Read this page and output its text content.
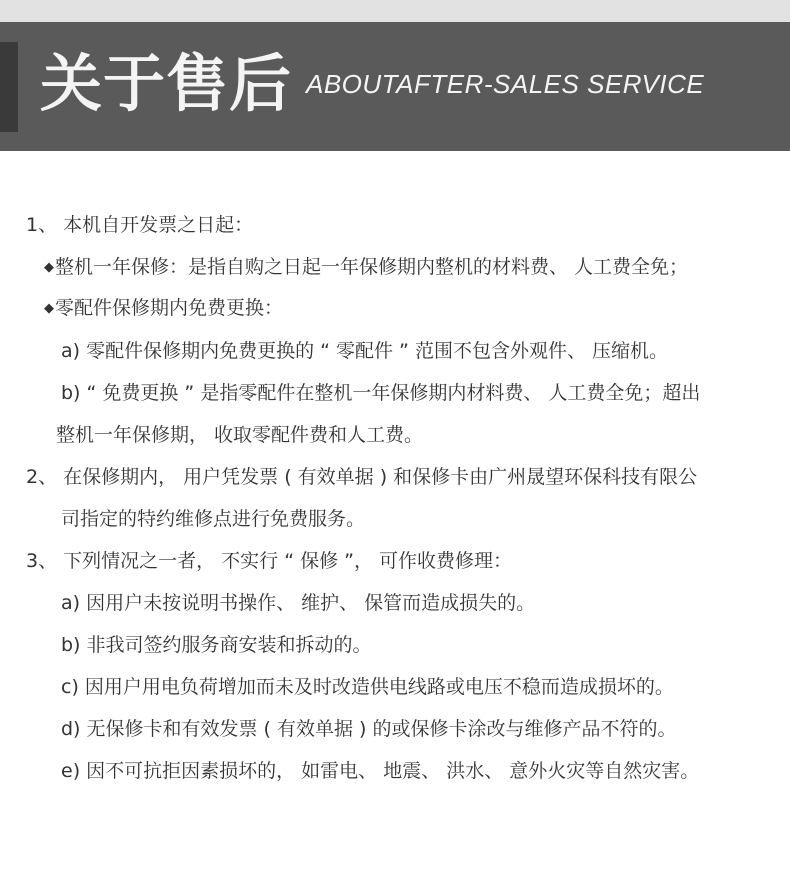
关于售后 ABOUTAFTER-SALES SERVICE
1、 本机自开发票之日起：
◆整机一年保修：是指自购之日起一年保修期内整机的材料费、 人工费全免；
◆零配件保修期内免费更换：
a) 零配件保修期内免费更换的 “ 零配件 ” 范围不包含外观件、 压缩机。
b) “ 免费更换 ” 是指零配件在整机一年保修期内材料费、 人工费全免；超出
整机一年保修期， 收取零配件费和人工费。
2、 在保修期内， 用户凭发票 ( 有效单据 ) 和保修卡由广州晟望环保科技有限公
司指定的特约维修点进行免费服务。
3、 下列情况之一者， 不实行 “ 保修 ”， 可作收费修理：
a) 因用户未按说明书操作、 维护、 保管而造成损失的。
b) 非我司签约服务商安装和拆动的。
c) 因用户用电负荷增加而未及时改造供电线路或电压不稳而造成损坏的。
d) 无保修卡和有效发票 ( 有效单据 ) 的或保修卡涂改与维修产品不符的。
e) 因不可抗拒因素损坏的， 如雷电、 地震、 洪水、 意外火灾等自然灾害。
